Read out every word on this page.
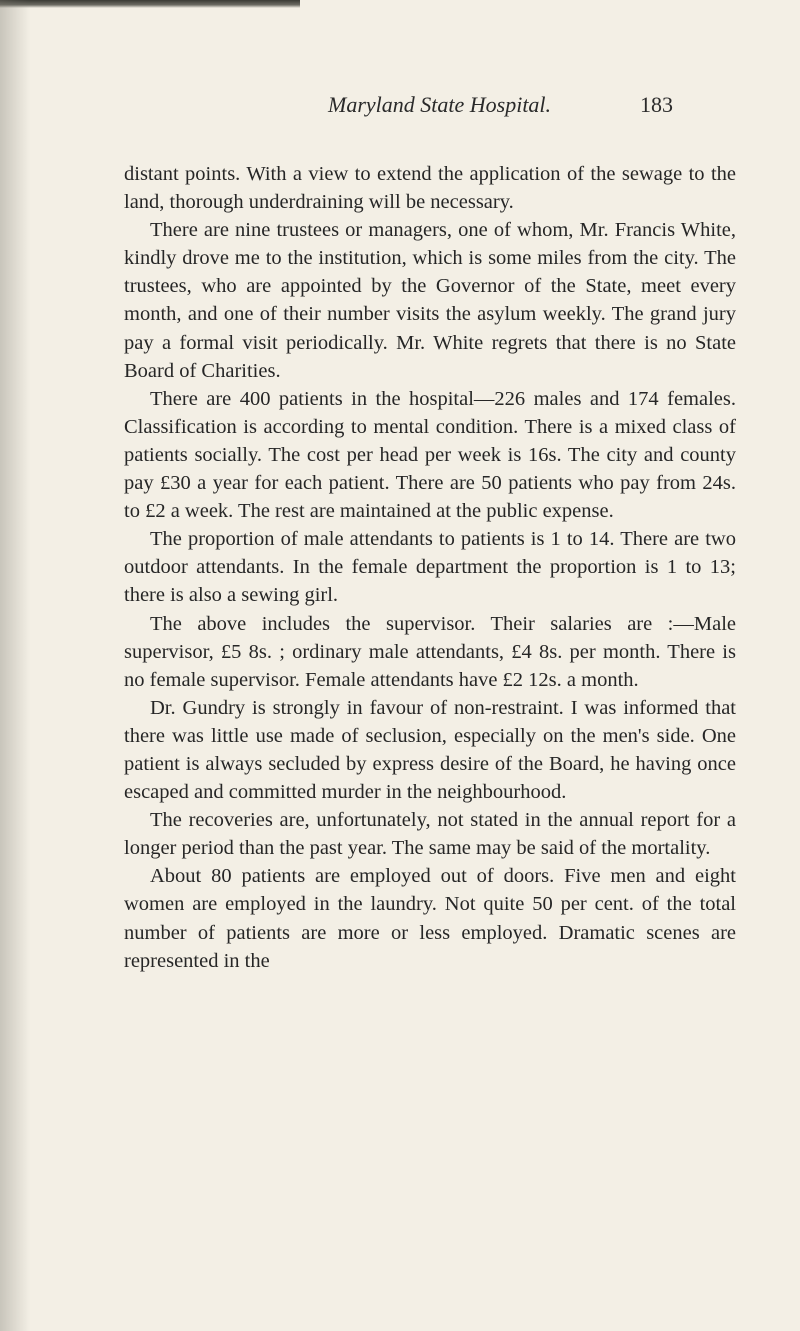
Maryland State Hospital.	183

distant points. With a view to extend the application of the sewage to the land, thorough underdraining will be necessary.

There are nine trustees or managers, one of whom, Mr. Francis White, kindly drove me to the institution, which is some miles from the city. The trustees, who are appointed by the Governor of the State, meet every month, and one of their number visits the asylum weekly. The grand jury pay a formal visit periodically. Mr. White regrets that there is no State Board of Charities.

There are 400 patients in the hospital—226 males and 174 females. Classification is according to mental condition. There is a mixed class of patients socially. The cost per head per week is 16s. The city and county pay £30 a year for each patient. There are 50 patients who pay from 24s. to £2 a week. The rest are maintained at the public expense.

The proportion of male attendants to patients is 1 to 14. There are two outdoor attendants. In the female department the proportion is 1 to 13; there is also a sewing girl.

The above includes the supervisor. Their salaries are :—Male supervisor, £5 8s. ; ordinary male attendants, £4 8s. per month. There is no female supervisor. Female attendants have £2 12s. a month.

Dr. Gundry is strongly in favour of non-restraint. I was informed that there was little use made of seclusion, especially on the men's side. One patient is always secluded by express desire of the Board, he having once escaped and committed murder in the neighbourhood.

The recoveries are, unfortunately, not stated in the annual report for a longer period than the past year. The same may be said of the mortality.

About 80 patients are employed out of doors. Five men and eight women are employed in the laundry. Not quite 50 per cent. of the total number of patients are more or less employed. Dramatic scenes are represented in the
